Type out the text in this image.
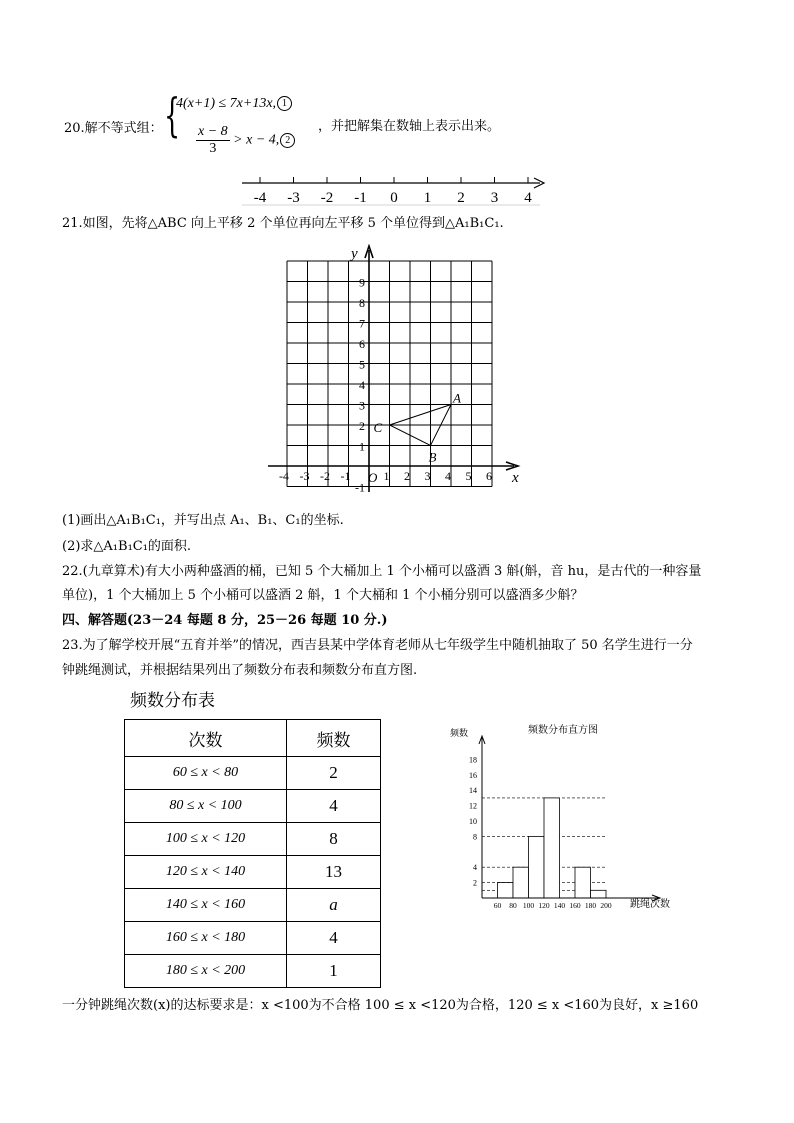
20.解不等式组： {
4(x+1) ≤ 7x+13x, 1
$\frac{x - 8}{3} > x - 4$, 2
，并把解集在数轴上表示出来。
-4 -3 -2 -1 0 1 2 3 4
21.如图，先将△ABC 向上平移 2 个单位再向左平移 5 个单位得到△A₁B₁C₁.
y
x
O
-4 -3 -2 -1	1 2 3 4 5 6
9
8
7
6
5
4
3
2
1
-1
A
B
C
(1)画出△A₁B₁C₁，并写出点 A₁、B₁、C₁的坐标.
(2)求△A₁B₁C₁的面积.
22.(九章算术)有大小两种盛酒的桶，已知 5 个大桶加上 1 个小桶可以盛酒 3 斛(斛，音 hu，是古代的一种容量
单位)，1 个大桶加上 5 个小桶可以盛酒 2 斛，1 个大桶和 1 个小桶分别可以盛酒多少斛？
四、解答题(23－24 每题 8 分，25－26 每题 10 分.)
23.为了解学校开展“五育并举”的情况，西吉县某中学体育老师从七年级学生中随机抽取了 50 名学生进行一分
钟跳绳测试，并根据结果列出了频数分布表和频数分布直方图.
频数分布表
次数	频数
60 ≤ x < 80	2
80 ≤ x < 100	4
100 ≤ x < 120	8
120 ≤ x < 140	13
140 ≤ x < 160	a
160 ≤ x < 180	4
180 ≤ x < 200	1
频数分布直方图
频数
跳绳次数
2
4
8
10
12
14
16
18
60 80 100 120 140 160 180 200
一分钟跳绳次数(x)的达标要求是：x <100为不合格 100 ≤ x <120为合格，120 ≤ x <160为良好，x ≥160
